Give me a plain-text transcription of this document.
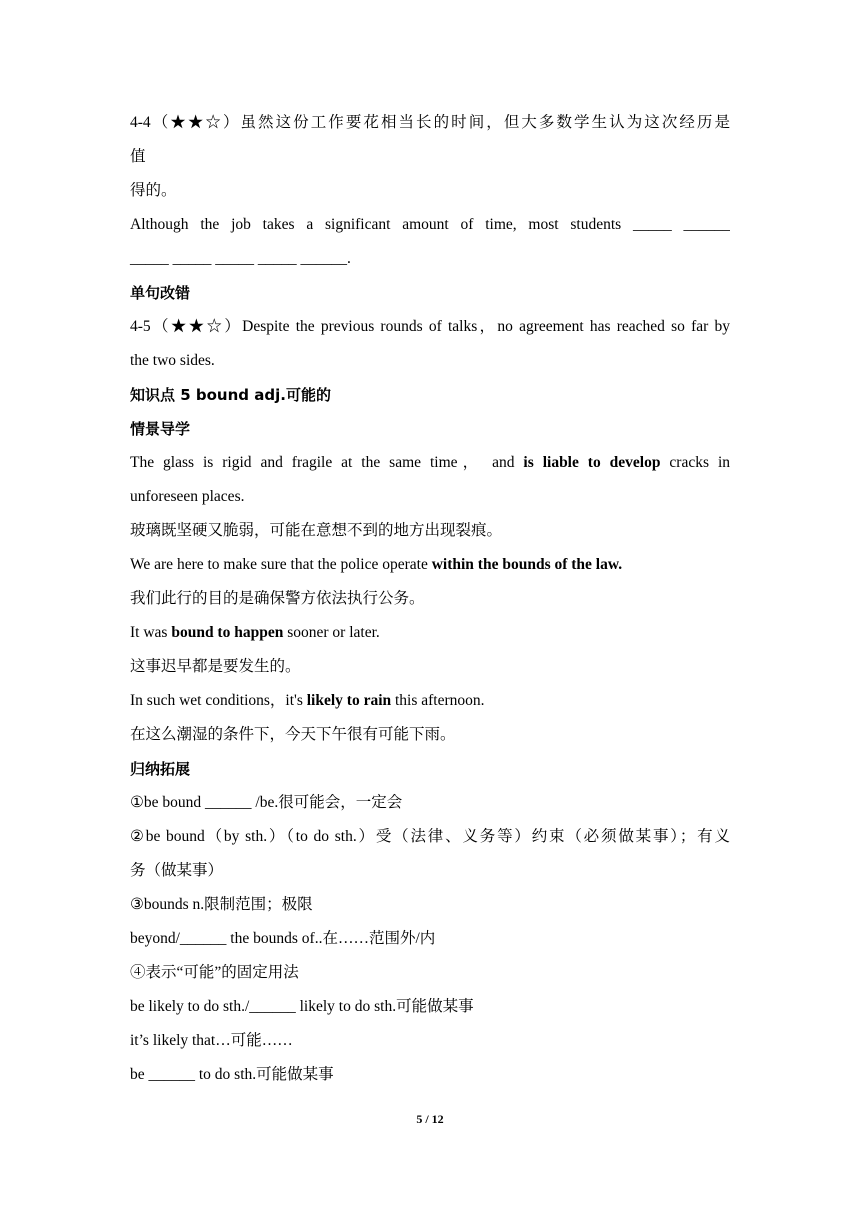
4-4（★★☆）虽然这份工作要花相当长的时间，但大多数学生认为这次经历是
值
得的。
Although the job takes a significant amount of time, most students _____ ______
_____ _____ _____ _____ ______.
单句改错
4-5（★★☆）Despite the previous rounds of talks，no agreement has reached so far by
the two sides.
知识点 5 bound adj.可能的
情景导学
The glass is rigid and fragile at the same time， and is liable to develop cracks in
unforeseen places.
玻璃既坚硬又脆弱，可能在意想不到的地方出现裂痕。
We are here to make sure that the police operate within the bounds of the law.
我们此行的目的是确保警方依法执行公务。
It was bound to happen sooner or later.
这事迟早都是要发生的。
In such wet conditions，it's likely to rain this afternoon.
在这么潮湿的条件下，今天下午很有可能下雨。
归纳拓展
①be bound ______ /be.很可能会，一定会
②be bound（by sth.）（to do sth.）受（法律、义务等）约束（必须做某事）；有义
务（做某事）
③bounds n.限制范围；极限
beyond/______ the bounds of..在……范围外/内
④表示“可能”的固定用法
be likely to do sth./______ likely to do sth.可能做某事
it’s likely that…可能……
be ______ to do sth.可能做某事
5 / 12
